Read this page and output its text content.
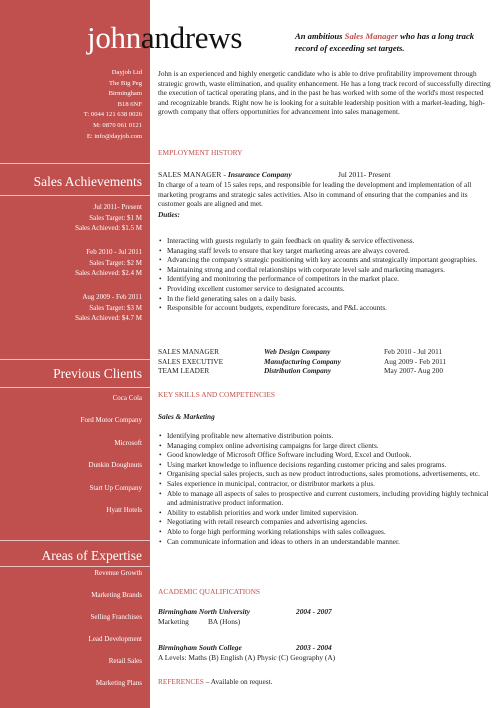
Dayjob Ltd
The Big Peg
Birmingham
B18 6NF
T: 0044 121 638 0026
M: 0870 061 0121
E: info@dayjob.com
Sales Achievements
Jul 2011- Present
Sales Target: $1 M
Sales Achieved: $1.5 M
Feb 2010 - Jul 2011
Sales Target: $2 M
Sales Achieved: $2.4 M
Aug 2009 - Feb 2011
Sales Target: $3 M
Sales Achieved: $4.7 M
Previous Clients
Coca Cola
Ford Motor Company
Microsoft
Dunkin Doughnuts
Start Up Company
Hyatt Hotels
Areas of Expertise
Revenue Growth
Marketing Brands
Selling Franchises
Lead Development
Retail Sales
Marketing Plans
johnandrews	An ambitious Sales Manager who has a long track record of exceeding set targets.
John is an experienced and highly energetic candidate who is able to drive profitability improvement through strategic growth, waste elimination, and quality enhancement. He has a long track record of successfully directing the execution of tactical operating plans, and in the past he has worked with some of the world's most respected and recognizable brands. Right now he is looking for a suitable leadership position with a market-leading, high-growth company that offers opportunities for advancement into sales management.
EMPLOYMENT HISTORY
SALES MANAGER - Insurance Company	Jul 2011- Present
In charge of a team of 15 sales reps, and responsible for leading the development and implementation of all marketing programs and strategic sales activities. Also in command of ensuring that the companies and its customer goals are aligned and met.
Duties:
• Interacting with guests regularly to gain feedback on quality & service effectiveness.
• Managing staff levels to ensure that key target marketing areas are always covered.
• Advancing the company's strategic positioning with key accounts and strategically important geographies.
• Maintaining strong and cordial relationships with corporate level sale and marketing managers.
• Identifying and monitoring the performance of competitors in the market place.
• Providing excellent customer service to designated accounts.
• In the field generating sales on a daily basis.
• Responsible for account budgets, expenditure forecasts, and P&L accounts.
SALES MANAGER	Web Design Company	Feb 2010 - Jul 2011
SALES EXECUTIVE	Manufacturing Company	Aug 2009 - Feb 2011
TEAM LEADER	Distribution Company	May 2007- Aug 200
KEY SKILLS AND COMPETENCIES
Sales & Marketing
• Identifying profitable new alternative distribution points.
• Managing complex online advertising campaigns for large direct clients.
• Good knowledge of Microsoft Office Software including Word, Excel and Outlook.
• Using market knowledge to influence decisions regarding customer pricing and sales programs.
• Organising special sales projects, such as new product introductions, sales promotions, advertisements, etc.
• Sales experience in municipal, contractor, or distributor markets a plus.
• Able to manage all aspects of sales to prospective and current customers, including providing highly technical and administrative product information.
• Ability to establish priorities and work under limited supervision.
• Negotiating with retail research companies and advertising agencies.
• Able to forge high performing working relationships with sales colleagues.
• Can communicate information and ideas to others in an understandable manner.
ACADEMIC QUALIFICATIONS
Birmingham North University	2004 - 2007
Marketing	BA (Hons)
Birmingham South College	2003 - 2004
A Levels: Maths (B) English (A) Physic (C) Geography (A)
REFERENCES – Available on request.
